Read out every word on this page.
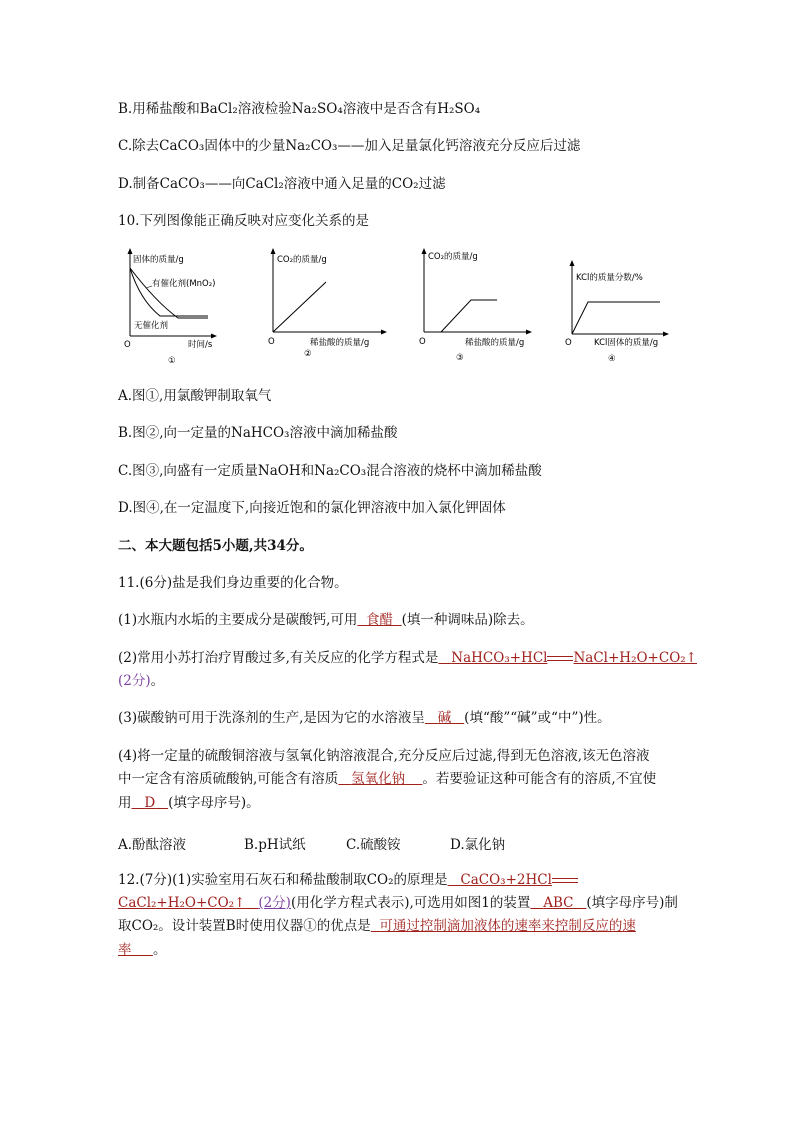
B.用稀盐酸和BaCl₂溶液检验Na₂SO₄溶液中是否含有H₂SO₄
C.除去CaCO₃固体中的少量Na₂CO₃——加入足量氯化钙溶液充分反应后过滤
D.制备CaCO₃——向CaCl₂溶液中通入足量的CO₂过滤
10.下列图像能正确反映对应变化关系的是
固体的质量/g
有催化剂(MnO₂)
无催化剂
O	时间/s
①
CO₂的质量/g
O	稀盐酸的质量/g
②
CO₂的质量/g
O	稀盐酸的质量/g
③
KCl的质量分数/%
O	KCl固体的质量/g
④
A.图①,用氯酸钾制取氧气
B.图②,向一定量的NaHCO₃溶液中滴加稀盐酸
C.图③,向盛有一定质量NaOH和Na₂CO₃混合溶液的烧杯中滴加稀盐酸
D.图④,在一定温度下,向接近饱和的氯化钾溶液中加入氯化钾固体
二、本大题包括5小题,共34分。
11.(6分)盐是我们身边重要的化合物。
(1)水瓶内水垢的主要成分是碳酸钙,可用 食醋 (填一种调味品)除去。
(2)常用小苏打治疗胃酸过多,有关反应的化学方程式是 NaHCO₃+HCl NaCl+H₂O+CO₂↑
(2分)。
(3)碳酸钠可用于洗涤剂的生产,是因为它的水溶液呈 碱 (填“酸”“碱”或“中”)性。
(4)将一定量的硫酸铜溶液与氢氧化钠溶液混合,充分反应后过滤,得到无色溶液,该无色溶液
中一定含有溶质硫酸钠,可能含有溶质 氢氧化钠 。若要验证这种可能含有的溶质,不宜使
用 D (填字母序号)。
A.酚酞溶液	B.pH试纸	C.硫酸铵	D.氯化钠
12.(7分)(1)实验室用石灰石和稀盐酸制取CO₂的原理是 CaCO₃+2HCl
CaCl₂+H₂O+CO₂↑ (2分)(用化学方程式表示),可选用如图1的装置 ABC (填字母序号)制
取CO₂。设计装置B时使用仪器①的优点是 可通过控制滴加液体的速率来控制反应的速
率 。
